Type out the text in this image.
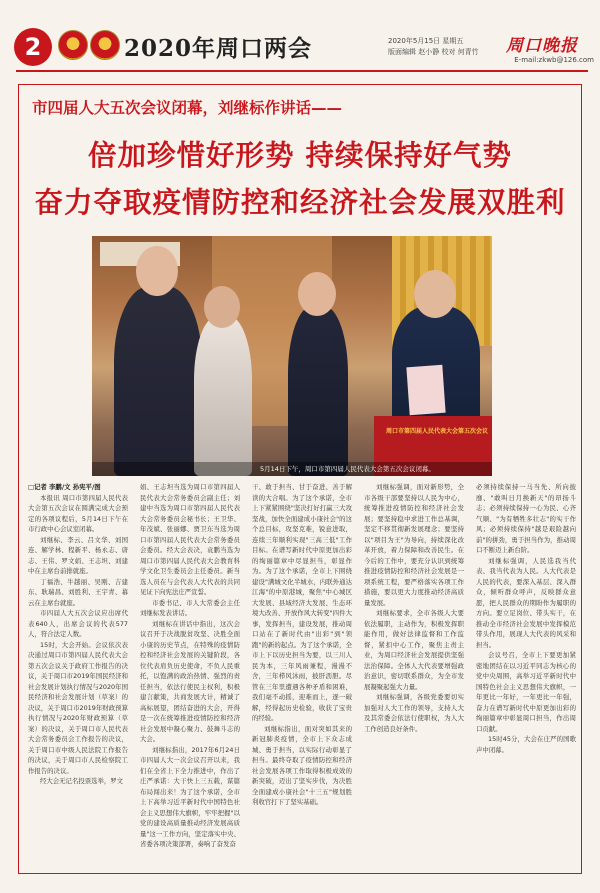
2	2020年周口两会	2020年5月15日 星期五
版面编辑 赵小静 校对 何青竹	周口晚报
E-mail:zkwb@126.com
市四届人大五次会议闭幕，刘继标作讲话——
倍加珍惜好形势 持续保持好气势
奋力夺取疫情防控和经济社会发展双胜利
周口市第四届人民代表大会第五次会议
5月14日下午，周口市第四届人民代表大会第五次会议闭幕。

□记者 李鹏/文 孙宪平/图

本报讯 周口市第四届人民代表大会第五次会议在圆满完成大会预定的各项议程后，5月14日下午在市行政中心会议室闭幕。

刘继标、李云、吕文华、刘国连、解学林、程新平、杨永志、唐志、王伟、罗文娟、王志坦、刘建中在主席台前排就座。

丁福浩、牛越丽、吴刚、吉建东、耿瑞昌、刘胜利、王宇青、幕云在主席台就座。

市四届人大五次会议应出席代表640人，出席会议的代表577人，符合法定人数。

15时，大会开始。会议依次表决通过周口市第四届人民代表大会第五次会议关于政府工作报告的决议，关于周口市2019年国民经济和社会发展计划执行情况与2020年国民经济和社会发展计划（草案）的决议，关于周口市2019年财政预算执行情况与2020年财政预算（草案）的决议，关于周口市人民代表大会常务委员会工作报告的决议，关于周口市中级人民法院工作报告的决议，关于周口市人民检察院工作报告的决议。

经大会无记名投票选举，罗文

娟、王志坦当选为周口市第四届人民代表大会常务委员会副主任；刘建中当选为周口市第四届人民代表大会常务委员会秘书长；王卫华、年茂斌、张丽娜、贾卫东当选为周口市第四届人民代表大会常务委员会委员。经大会表决，袁鹏当选为周口市第四届人民代表大会教育科学文化卫生委员会主任委员。新当选人员在与会代表人大代表的共同见证下向宪法庄严宣誓。

市委书记、市人大常委会主任刘继标发表讲话。

刘继标在讲话中指出，这次会议召开于决战脱贫攻坚、决胜全面小康的历史节点，在特殊的疫情防控和经济社会发展的关键阶段，各位代表肩负历史使命，不负人民重托，以饱满的政治热情、强烈的责任担当，依法行使民主权利，积极建言献策，共商发展大计，精诚了高标展望，团结奋进的大会，开得是一次在统筹推进疫情防控和经济社会发展中凝心聚力、鼓舞斗志的大会。

刘继标指出，2017年6月24日市四届人大一次会议召开以来，我们在全省上下全力推进中，作出了庄严承诺：大干快上三五载，谋篇布局闯出来！为了这个承诺，全市上下高举习近平新时代中国特色社会主义思想伟大旗帜，牢牢把握"以党的建设高质量推动经济发展高质量"这一工作方向，坚定落实中央、省委各项决策部署，奏响了奋发奋

干、敢于担当、甘于奋进、善于解读的大合唱。为了这个承诺，全市上下紧紧围绕"坚决打好打赢三大攻坚战，加快全面建成小康社会"的这个总目标，攻坚克难，锐意进取，连续三年顺利实现"三高三低"工作目标。在谱写新时代中原更加出彩的绚丽篇章中尽显担当，彰显作为。为了这个承诺，全市上下围绕建设"满城文化半城水，内联外通达江海"的中原港城，聚焦"中心城区大发展、县域经济大发展、生态环境大改善、开放作风大转变"四件大事，发挥担当，建设发展，推动周口站在了新时代由"出彩"到"领跑"的新的起点。为了这个承诺，全市上下以历史担当为要，以三川人民为本，三年风雨兼程，漫漫不舍，三年栉风沐雨，披肝沥胆。尽管在三年里遭遇各种矛盾和困难，我们毫不动摇，迎难而上，逐一破解，经得起历史检验，收获了宝贵的经验。

刘继标指出，面对突如其来的新冠肺炎疫情，全市上下众志成城、勇于担当，以实际行动彰显了担当。最终夺取了疫情防控和经济社会发展各项工作取得积极成效的新突破，迈出了坚实步伐，为决胜全面建成小康社会"十三五"规划胜利收官打下了坚实基础。

刘继标强调，面对新形势，全市各级干部要坚持以人民为中心，统筹推进疫情防控和经济社会发展；要坚持稳中求进工作总基调，坚定不移贯彻新发展理念；要坚持以"项目为王"为导向，持续深化改革开放，着力保障和改善民生。在今后的工作中，要充分认识到统筹推进疫情防控和经济社会发展是一项系统工程，要严格落实各项工作措施，要以更大力度推动经济高质量发展。

刘继标要求，全市各级人大要依法履职，主动作为，积极发挥职能作用，做好法律监督和工作监督，紧扣中心工作，聚焦主责主业，为周口经济社会发展提供坚强法治保障。全体人大代表要增强政治意识，密切联系群众，为全市发展凝聚起强大力量。

刘继标强调，各级党委要切实加强对人大工作的领导，支持人大及其常委会依法行使职权，为人大工作创造良好条件。

必须持续保持一马当先、所向披靡、"敢叫日月换新天"的昂扬斗志；必须持续保持一心为民、心齐气顺、"为有牺牲多壮志"的实干作风；必须持续保持"越是艰险越向前"的拼劲，勇于担当作为，推动周口不断迈上新台阶。

刘继标强调，人民选我当代表、我当代表为人民。人大代表是人民的代表，要深入基层、深入群众，倾听群众呼声，反映群众意愿，把人民群众的期盼作为履职的方向。要立足岗位、带头实干，在推动全市经济社会发展中发挥模范带头作用，展现人大代表的风采和担当。

会议号召，全市上下要更加紧密地团结在以习近平同志为核心的党中央周围，高举习近平新时代中国特色社会主义思想伟大旗帜，一年更比一年好，一年更比一年强，奋力在谱写新时代中原更加出彩的绚丽篇章中彰显周口担当，作出周口贡献。

15时45分，大会在庄严的国歌声中闭幕。
